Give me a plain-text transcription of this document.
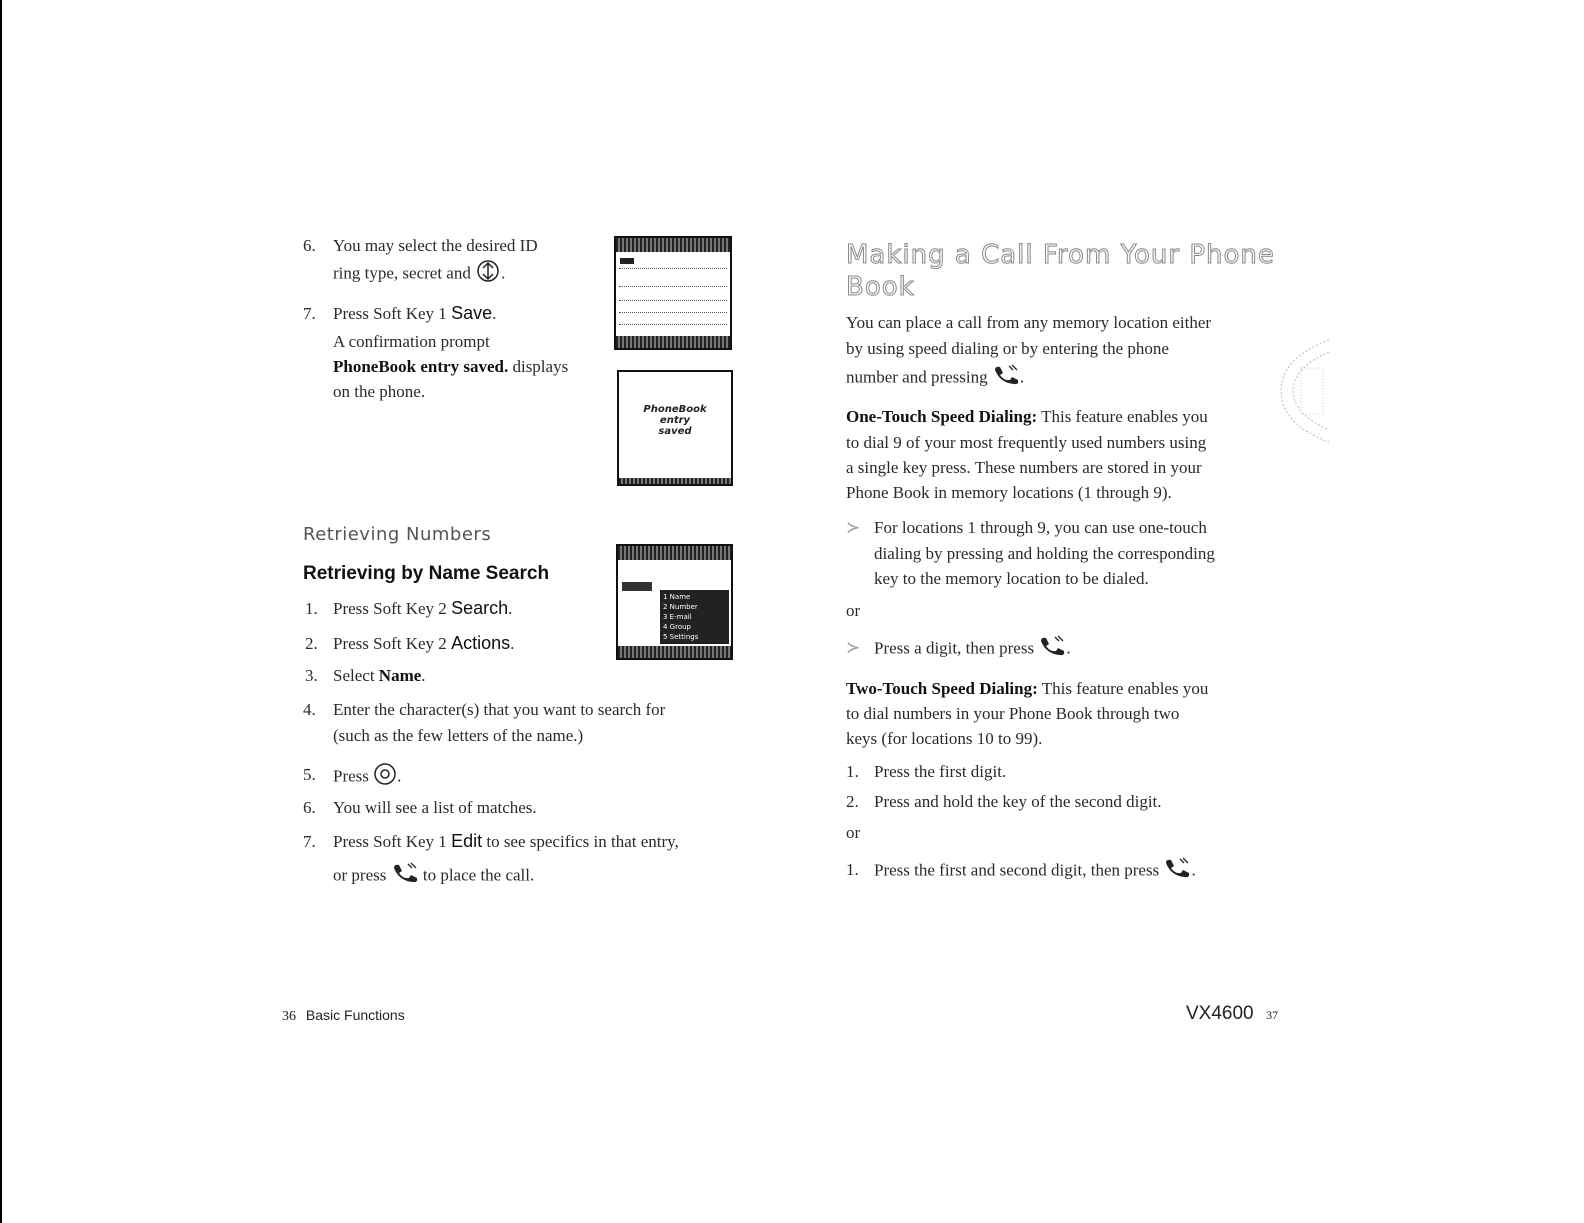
6. You may select the desired ID
ring type, secret and .
7. Press Soft Key 1 Save.
A confirmation prompt
PhoneBook entry saved. displays
on the phone.
PhoneBook
entry
saved
Retrieving Numbers
Retrieving by Name Search
1 Name
2 Number
3 E-mail
4 Group
5 Settings
1. Press Soft Key 2 Search.
2. Press Soft Key 2 Actions.
3. Select Name.
4. Enter the character(s) that you want to search for
(such as the few letters of the name.)
5. Press .
6. You will see a list of matches.
7. Press Soft Key 1 Edit to see specifics in that entry,
or press  to place the call.
Making a Call From Your Phone
Book
You can place a call from any memory location either
by using speed dialing or by entering the phone
number and pressing .
One-Touch Speed Dialing: This feature enables you
to dial 9 of your most frequently used numbers using
a single key press. These numbers are stored in your
Phone Book in memory locations (1 through 9).
≻ For locations 1 through 9, you can use one-touch
dialing by pressing and holding the corresponding
key to the memory location to be dialed.
or
≻ Press a digit, then press .
Two-Touch Speed Dialing: This feature enables you
to dial numbers in your Phone Book through two
keys (for locations 10 to 99).
1. Press the first digit.
2. Press and hold the key of the second digit.
or
1. Press the first and second digit, then press .
36 Basic Functions	VX4600 37
